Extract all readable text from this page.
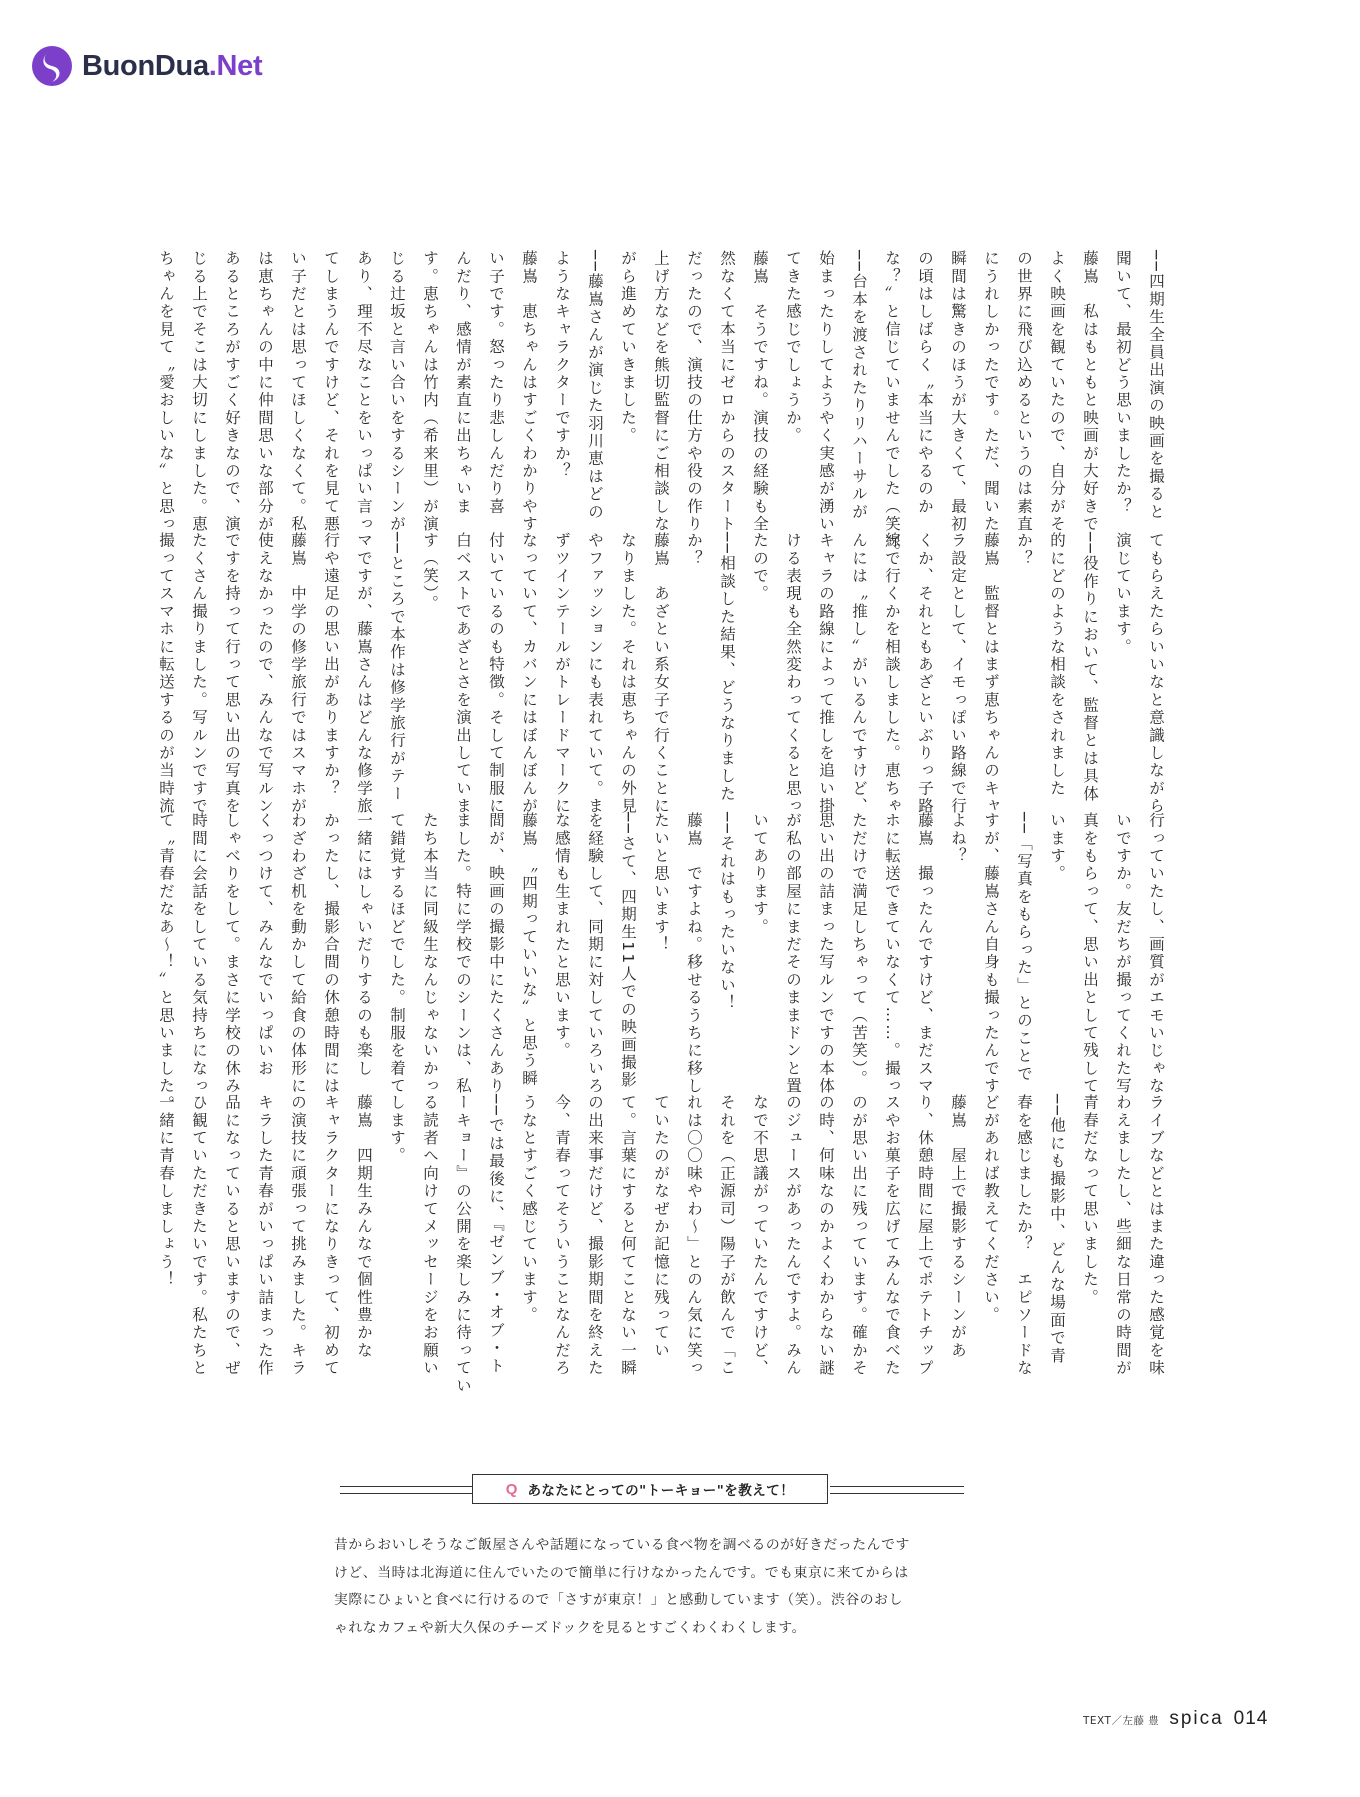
BuonDua.Net
──四期生全員出演の映画を撮ると
聞いて、最初どう思いましたか？
藤嶌　私はもともと映画が大好きで
よく映画を観ていたので、自分がそ
の世界に飛び込めるというのは素直
にうれしかったです。ただ、聞いた
瞬間は驚きのほうが大きくて、最初
の頃はしばらく〝本当にやるのか
な？〟と信じていませんでした（笑）。
──台本を渡されたりリハーサルが
始まったりしてようやく実感が湧い
てきた感じでしょうか。
藤嶌　そうですね。演技の経験も全
然なくて本当にゼロからのスタート
だったので、演技の仕方や役の作り
上げ方などを熊切監督にご相談しな
がら進めていきました。
──藤嶌さんが演じた羽川恵はどの
ようなキャラクターですか？
藤嶌　恵ちゃんはすごくわかりやす
い子です。怒ったり悲しんだり喜
んだり、感情が素直に出ちゃいま
す。恵ちゃんは竹内（希来里）が演
じる辻坂と言い合いをするシーンが
あり、理不尽なことをいっぱい言っ
てしまうんですけど、それを見て悪
い子だとは思ってほしくなくて。私
は恵ちゃんの中に仲間思いな部分が
あるところがすごく好きなので、演
じる上でそこは大切にしました。恵
ちゃんを見て〝愛おしいな〟と思っ
てもらえたらいいなと意識しながら
演じています。
──役作りにおいて、監督とは具体
的にどのような相談をされました
か？
藤嶌　監督とはまず恵ちゃんのキャ
ラ設定として、イモっぽい路線で行
くか、それともあざといぶりっ子路
線で行くかを相談しました。恵ちゃ
んには〝推し〟がいるんですけど、
キャラの路線によって推しを追い掛
ける表現も全然変わってくると思っ
たので。
──相談した結果、どうなりました
か？
藤嶌　あざとい系女子で行くことに
なりました。それは恵ちゃんの外見
やファッションにも表れていて。ま
ずツインテールがトレードマークに
なっていて、カバンにはぼんぼんが
付いているのも特徴。そして制服に
白ベストであざとさを演出していま
す（笑）。
──ところで本作は修学旅行がテー
マですが、藤嶌さんはどんな修学旅
行や遠足の思い出がありますか？
藤嶌　中学の修学旅行ではスマホが
使えなかったので、みんなで写ルン
ですを持って行って思い出の写真を
たくさん撮りました。写ルンですで
撮ってスマホに転送するのが当時流
行っていたし、画質がエモいじゃな
いですか。友だちが撮ってくれた写
真をもらって、思い出として残して
います。
──「写真をもらった」とのことで
すが、藤嶌さん自身も撮ったんです
よね？
藤嶌　撮ったんですけど、まだスマ
ホに転送できていなくて……。撮っ
ただけで満足しちゃって（苦笑）。
思い出の詰まった写ルンですの本体
が私の部屋にまだそのままドンと置
いてあります。
──それはもったいない！
藤嶌　ですよね。移せるうちに移し
たいと思います！
──さて、四期生11人での映画撮影
を経験して、同期に対していろいろ
な感情も生まれたと思います。
藤嶌　〝四期っていいな〟と思う瞬
間が、映画の撮影中にたくさんあり
ました。特に学校でのシーンは、私
たち本当に同級生なんじゃないかっ
て錯覚するほどでした。制服を着て
一緒にはしゃいだりするのも楽し
かったし、撮影合間の休憩時間には
わざわざ机を動かして給食の体形に
くっつけて、みんなでいっぱいお
しゃべりをして。まさに学校の休み
時間に会話をしている気持ちになっ
て〝青春だなあ〜！〟と思いました。
ライブなどとはまた違った感覚を味
わえましたし、些細な日常の時間が
青春だなって思いました。
──他にも撮影中、どんな場面で青
春を感じましたか？　エピソードな
どがあれば教えてください。
藤嶌　屋上で撮影するシーンがあ
り、休憩時間に屋上でポテトチップ
スやお菓子を広げてみんなで食べた
のが思い出に残っています。確かそ
の時、何味なのかよくわからない謎
のジュースがあったんですよ。みん
なで不思議がっていたんですけど、
それを（正源司）陽子が飲んで「こ
れは〇〇味やわ～」とのん気に笑っ
ていたのがなぜか記憶に残ってい
て。言葉にすると何てことない一瞬
の出来事だけど、撮影期間を終えた
今、青春ってそういうことなんだろ
うなとすごく感じています。
──では最後に、『ゼンブ・オブ・ト
ーキョー』の公開を楽しみに待ってい
る読者へ向けてメッセージをお願い
します。
藤嶌　四期生みんなで個性豊かな
キャラクターになりきって、初めて
の演技に頑張って挑みました。キラ
キラした青春がいっぱい詰まった作
品になっていると思いますので、ぜ
ひ観ていただきたいです。私たちと
一緒に青春しましょう！
Q あなたにとっての"トーキョー"を教えて！

昔からおいしそうなご飯屋さんや話題になっている食べ物を調べるのが好きだったんです

けど、当時は北海道に住んでいたので簡単に行けなかったんです。でも東京に来てからは

実際にひょいと食べに行けるので「さすが東京！」と感動しています（笑）。渋谷のおし

ゃれなカフェや新大久保のチーズドックを見るとすごくわくわくします。

TEXT／左藤 豊 spica 014
